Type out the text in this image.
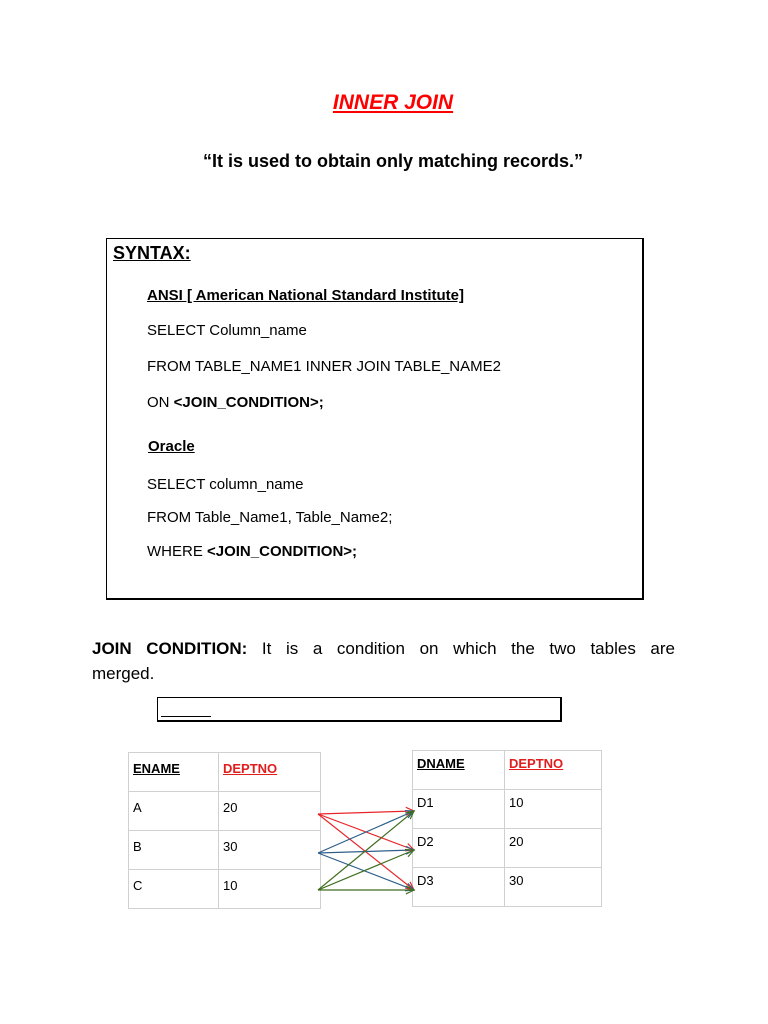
INNER JOIN
“It is used to obtain only matching records.”
SYNTAX:
ANSI [ American National Standard Institute]
SELECT Column_name
FROM TABLE_NAME1 INNER JOIN TABLE_NAME2
ON <JOIN_CONDITION>;
Oracle
SELECT column_name
FROM Table_Name1, Table_Name2;
WHERE <JOIN_CONDITION>;
JOIN CONDITION: It is a condition on which the two tables are merged.
ENAME	DEPTNO
A	20
B	30
C	10
DNAME	DEPTNO
D1	10
D2	20
D3	30
